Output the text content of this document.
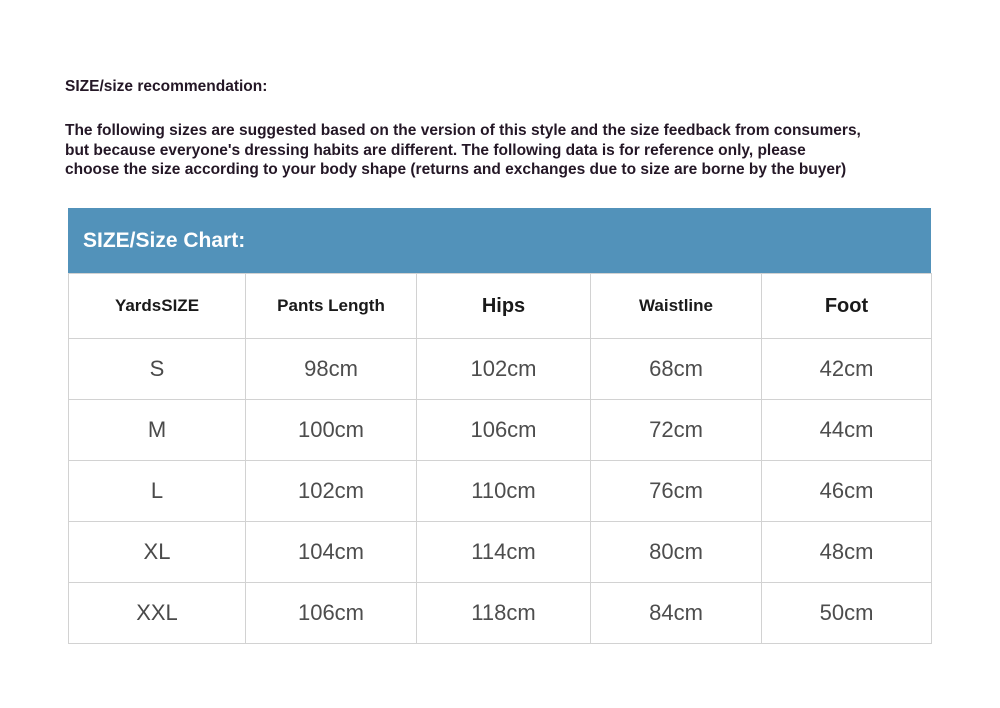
SIZE/size recommendation:
The following sizes are suggested based on the version of this style and the size feedback from consumers,
but because everyone's dressing habits are different. The following data is for reference only, please
choose the size according to your body shape (returns and exchanges due to size are borne by the buyer)
SIZE/Size Chart:
YardsSIZE	Pants Length	Hips	Waistline	Foot
S	98cm	102cm	68cm	42cm
M	100cm	106cm	72cm	44cm
L	102cm	110cm	76cm	46cm
XL	104cm	114cm	80cm	48cm
XXL	106cm	118cm	84cm	50cm
